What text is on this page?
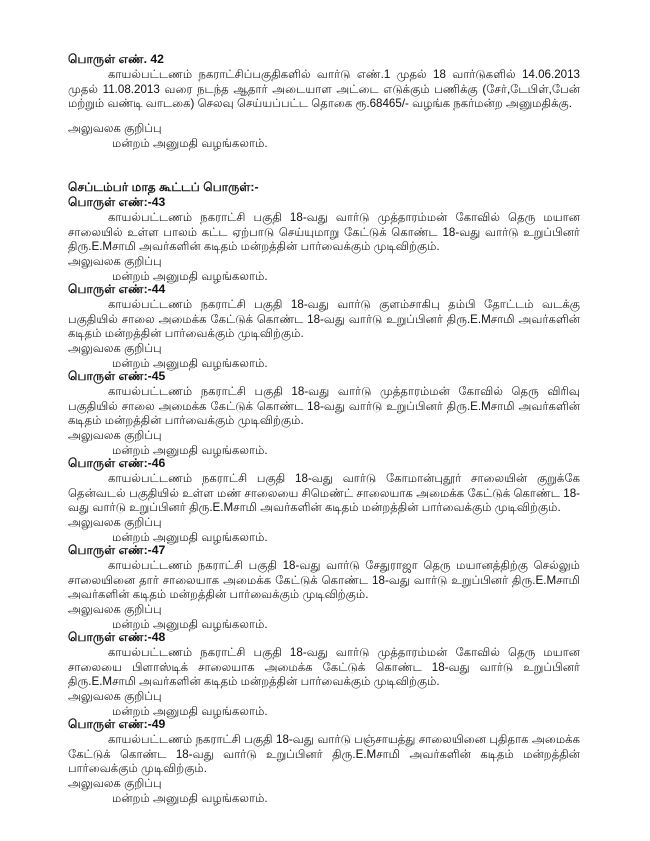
பொருள் எண். 42

காயல்பட்டணம் நகராட்சிப்பகுதிகளில் வார்டு எண்.1 முதல் 18 வார்டுகளில் 14.06.2013 முதல் 11.08.2013 வரை நடந்த ஆதார் அடையாள அட்டை எடுக்கும் பணிக்கு (சேர்,டேபிள்,பேன் மற்றும் வண்டி வாடகை) செலவு செய்யப்பட்ட தொகை ரூ.68465/- வழங்க நகர்மன்ற அனுமதிக்கு.

அலுவலக குறிப்பு

மன்றம் அனுமதி வழங்கலாம்.

செப்டம்பர் மாத கூட்டப் பொருள்:-

பொருள் எண்:-43

காயல்பட்டணம் நகராட்சி பகுதி 18-வது வார்டு முத்தாரம்மன் கோவில் தெரு மயான சாலையில் உள்ள பாலம் கட்ட ஏற்பாடு செய்யுமாறு கேட்டுக் கொண்ட 18-வது வார்டு உறுப்பினர் திரு.E.Mசாமி அவர்களின் கடிதம் மன்றத்தின் பார்வைக்கும் முடிவிற்கும்.

அலுவலக குறிப்பு

மன்றம் அனுமதி வழங்கலாம்.

பொருள் எண்:-44

காயல்பட்டணம் நகராட்சி பகுதி 18-வது வார்டு குளம்சாகிபு தம்பி தோட்டம் வடக்கு பகுதியில் சாலை அமைக்க கேட்டுக் கொண்ட 18-வது வார்டு உறுப்பினர் திரு.E.Mசாமி அவர்களின் கடிதம் மன்றத்தின் பார்வைக்கும் முடிவிற்கும்.

அலுவலக குறிப்பு

மன்றம் அனுமதி வழங்கலாம்.

பொருள் எண்:-45

காயல்பட்டணம் நகராட்சி பகுதி 18-வது வார்டு முத்தாரம்மன் கோவில் தெரு விரிவு பகுதியில் சாலை அமைக்க கேட்டுக் கொண்ட 18-வது வார்டு உறுப்பினர் திரு.E.Mசாமி அவர்களின் கடிதம் மன்றத்தின் பார்வைக்கும் முடிவிற்கும்.

அலுவலக குறிப்பு

மன்றம் அனுமதி வழங்கலாம்.

பொருள் எண்:-46

காயல்பட்டணம் நகராட்சி பகுதி 18-வது வார்டு கோமான்புதூர் சாலையின் குறுக்கே தென்வடல் பகுதியில் உள்ள மண் சாலையை சிமெண்ட் சாலையாக அமைக்க கேட்டுக் கொண்ட 18-வது வார்டு உறுப்பினர் திரு.E.Mசாமி அவர்களின் கடிதம் மன்றத்தின் பார்வைக்கும் முடிவிற்கும்.

அலுவலக குறிப்பு

மன்றம் அனுமதி வழங்கலாம்.

பொருள் எண்:-47

காயல்பட்டணம் நகராட்சி பகுதி 18-வது வார்டு சேதுராஜா தெரு மயானத்திற்கு செல்லும் சாலையினை தார் சாலையாக அமைக்க கேட்டுக் கொண்ட 18-வது வார்டு உறுப்பினர் திரு.E.Mசாமி அவர்களின் கடிதம் மன்றத்தின் பார்வைக்கும் முடிவிற்கும்.

அலுவலக குறிப்பு

மன்றம் அனுமதி வழங்கலாம்.

பொருள் எண்:-48

காயல்பட்டணம் நகராட்சி பகுதி 18-வது வார்டு முத்தாரம்மன் கோவில் தெரு மயான சாலையை பிளாஸ்டிக் சாலையாக அமைக்க கேட்டுக் கொண்ட 18-வது வார்டு உறுப்பினர் திரு.E.Mசாமி அவர்களின் கடிதம் மன்றத்தின் பார்வைக்கும் முடிவிற்கும்.

அலுவலக குறிப்பு

மன்றம் அனுமதி வழங்கலாம்.

பொருள் எண்:-49

காயல்பட்டணம் நகராட்சி பகுதி 18-வது வார்டு பஞ்சாயத்து சாலையினை புதிதாக அமைக்க கேட்டுக் கொண்ட 18-வது வார்டு உறுப்பினர் திரு.E.Mசாமி அவர்களின் கடிதம் மன்றத்தின் பார்வைக்கும் முடிவிற்கும்.

அலுவலக குறிப்பு

மன்றம் அனுமதி வழங்கலாம்.
